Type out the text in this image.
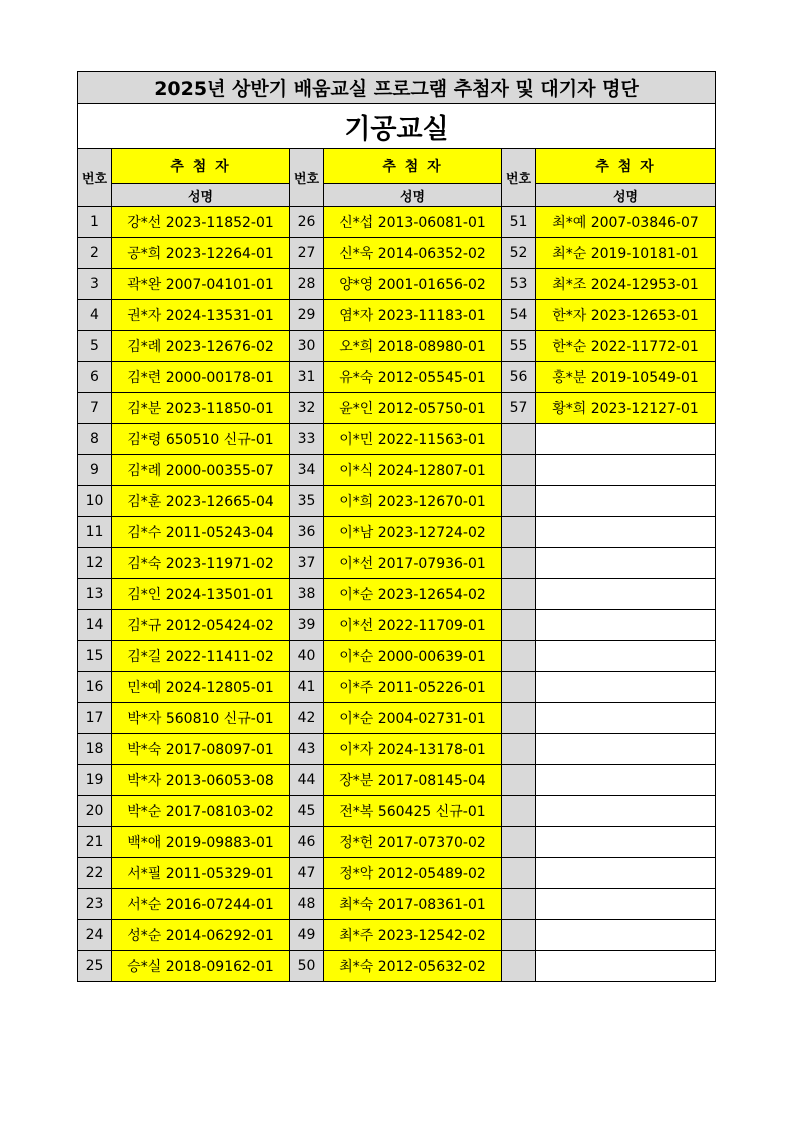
2025년 상반기 배움교실 프로그램 추첨자 및 대기자 명단					
기공교실					
번호	추 첨 자	번호	추 첨 자	번호	추 첨 자
	성명		성명		성명
1	강*선 2023-11852-01	26	신*섭 2013-06081-01	51	최*예 2007-03846-07
2	공*희 2023-12264-01	27	신*욱 2014-06352-02	52	최*순 2019-10181-01
3	곽*완 2007-04101-01	28	양*영 2001-01656-02	53	최*조 2024-12953-01
4	권*자 2024-13531-01	29	염*자 2023-11183-01	54	한*자 2023-12653-01
5	김*례 2023-12676-02	30	오*희 2018-08980-01	55	한*순 2022-11772-01
6	김*련 2000-00178-01	31	유*숙 2012-05545-01	56	홍*분 2019-10549-01
7	김*분 2023-11850-01	32	윤*인 2012-05750-01	57	황*희 2023-12127-01
8	김*령 650510 신규-01	33	이*민 2022-11563-01		
9	김*례 2000-00355-07	34	이*식 2024-12807-01		
10	김*훈 2023-12665-04	35	이*희 2023-12670-01		
11	김*수 2011-05243-04	36	이*남 2023-12724-02		
12	김*숙 2023-11971-02	37	이*선 2017-07936-01		
13	김*인 2024-13501-01	38	이*순 2023-12654-02		
14	김*규 2012-05424-02	39	이*선 2022-11709-01		
15	김*길 2022-11411-02	40	이*순 2000-00639-01		
16	민*예 2024-12805-01	41	이*주 2011-05226-01		
17	박*자 560810 신규-01	42	이*순 2004-02731-01		
18	박*숙 2017-08097-01	43	이*자 2024-13178-01		
19	박*자 2013-06053-08	44	장*분 2017-08145-04		
20	박*순 2017-08103-02	45	전*복 560425 신규-01		
21	백*애 2019-09883-01	46	정*헌 2017-07370-02		
22	서*필 2011-05329-01	47	정*악 2012-05489-02		
23	서*순 2016-07244-01	48	최*숙 2017-08361-01		
24	성*순 2014-06292-01	49	최*주 2023-12542-02		
25	승*실 2018-09162-01	50	최*숙 2012-05632-02		
